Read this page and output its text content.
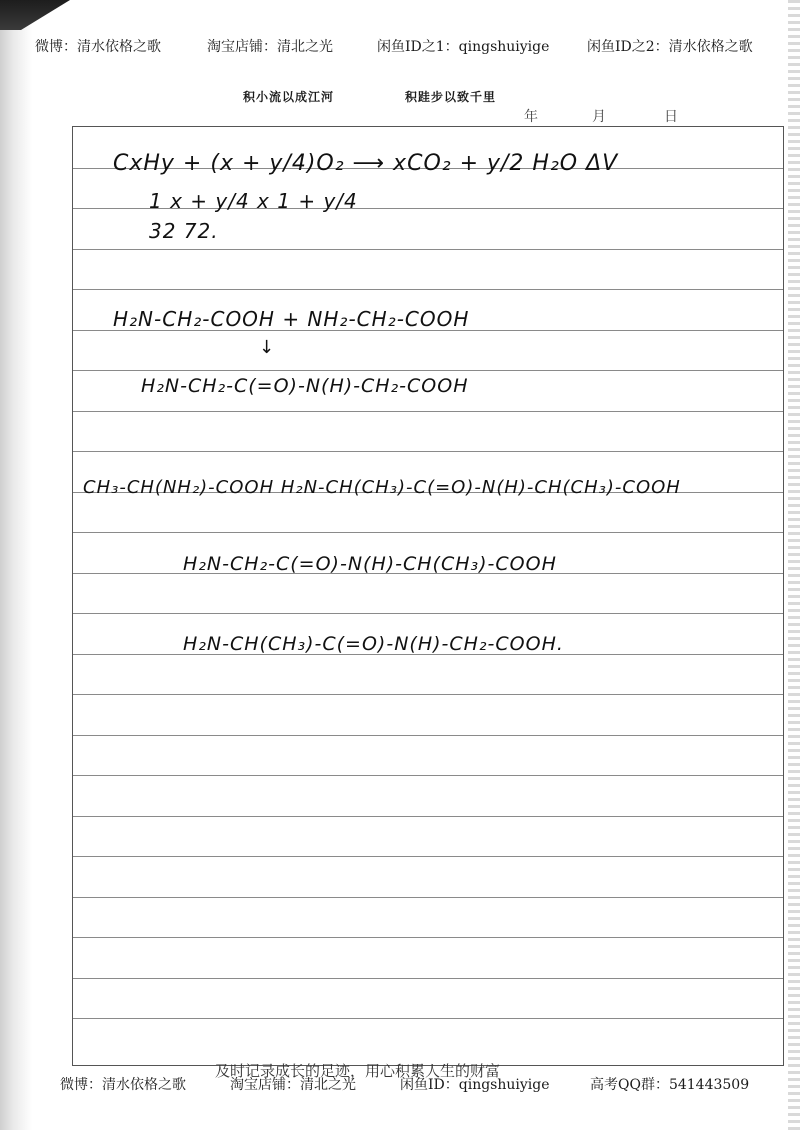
微博：清水依格之歌	淘宝店铺：清北之光	闲鱼ID之1：qingshuiyige	闲鱼ID之2：清水依格之歌
积小流以成江河	积跬步以致千里
年	月	日
CxHy + (x + y/4)O₂ ⟶ xCO₂ + y/2 H₂O ΔV
1 x + y/4 x 1 + y/4
32 72.
H₂N-CH₂-COOH + NH₂-CH₂-COOH
↓
H₂N-CH₂-C(=O)-N(H)-CH₂-COOH
CH₃-CH(NH₂)-COOH H₂N-CH(CH₃)-C(=O)-N(H)-CH(CH₃)-COOH
H₂N-CH₂-C(=O)-N(H)-CH(CH₃)-COOH
H₂N-CH(CH₃)-C(=O)-N(H)-CH₂-COOH.
及时记录成长的足迹，用心积累人生的财富
微博：清水依格之歌	淘宝店铺：清北之光	闲鱼ID：qingshuiyige	高考QQ群：541443509
